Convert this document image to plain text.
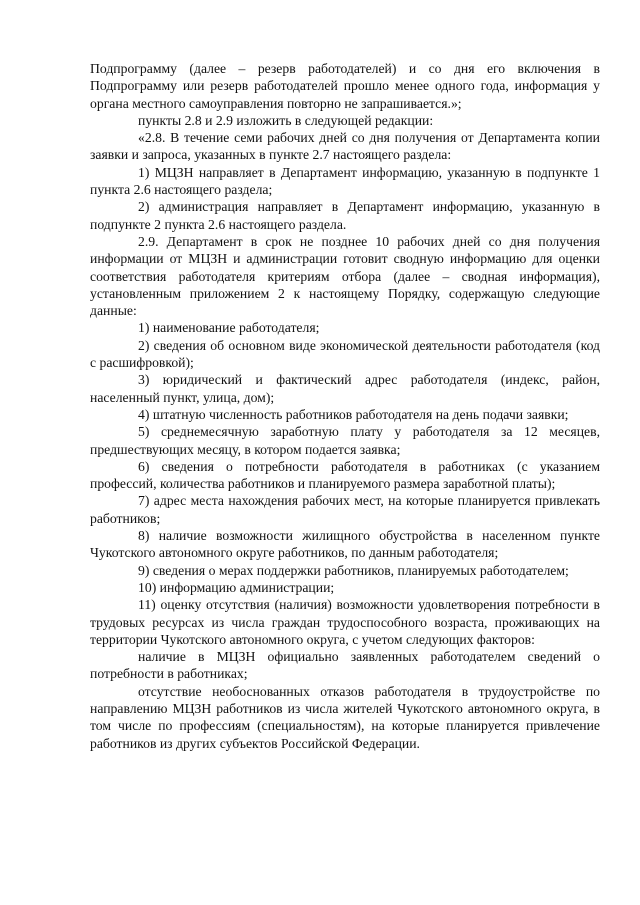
Подпрограмму (далее – резерв работодателей) и со дня его включения в Подпрограмму или резерв работодателей прошло менее одного года, информация у органа местного самоуправления повторно не запрашивается.»;

пункты 2.8 и 2.9 изложить в следующей редакции:

«2.8. В течение семи рабочих дней со дня получения от Департамента копии заявки и запроса, указанных в пункте 2.7 настоящего раздела:

1) МЦЗН направляет в Департамент информацию, указанную в подпункте 1 пункта 2.6 настоящего раздела;

2) администрация направляет в Департамент информацию, указанную в подпункте 2 пункта 2.6 настоящего раздела.

2.9. Департамент в срок не позднее 10 рабочих дней со дня получения информации от МЦЗН и администрации готовит сводную информацию для оценки соответствия работодателя критериям отбора (далее – сводная информация), установленным приложением 2 к настоящему Порядку, содержащую следующие данные:

1) наименование работодателя;

2) сведения об основном виде экономической деятельности работодателя (код с расшифровкой);

3) юридический и фактический адрес работодателя (индекс, район, населенный пункт, улица, дом);

4) штатную численность работников работодателя на день подачи заявки;

5) среднемесячную заработную плату у работодателя за 12 месяцев, предшествующих месяцу, в котором подается заявка;

6) сведения о потребности работодателя в работниках (с указанием профессий, количества работников и планируемого размера заработной платы);

7) адрес места нахождения рабочих мест, на которые планируется привлекать работников;

8) наличие возможности жилищного обустройства в населенном пункте Чукотского автономного округе работников, по данным работодателя;

9) сведения о мерах поддержки работников, планируемых работодателем;

10) информацию администрации;

11) оценку отсутствия (наличия) возможности удовлетворения потребности в трудовых ресурсах из числа граждан трудоспособного возраста, проживающих на территории Чукотского автономного округа, с учетом следующих факторов:

наличие в МЦЗН официально заявленных работодателем сведений о потребности в работниках;

отсутствие необоснованных отказов работодателя в трудоустройстве по направлению МЦЗН работников из числа жителей Чукотского автономного округа, в том числе по профессиям (специальностям), на которые планируется привлечение работников из других субъектов Российской Федерации.
